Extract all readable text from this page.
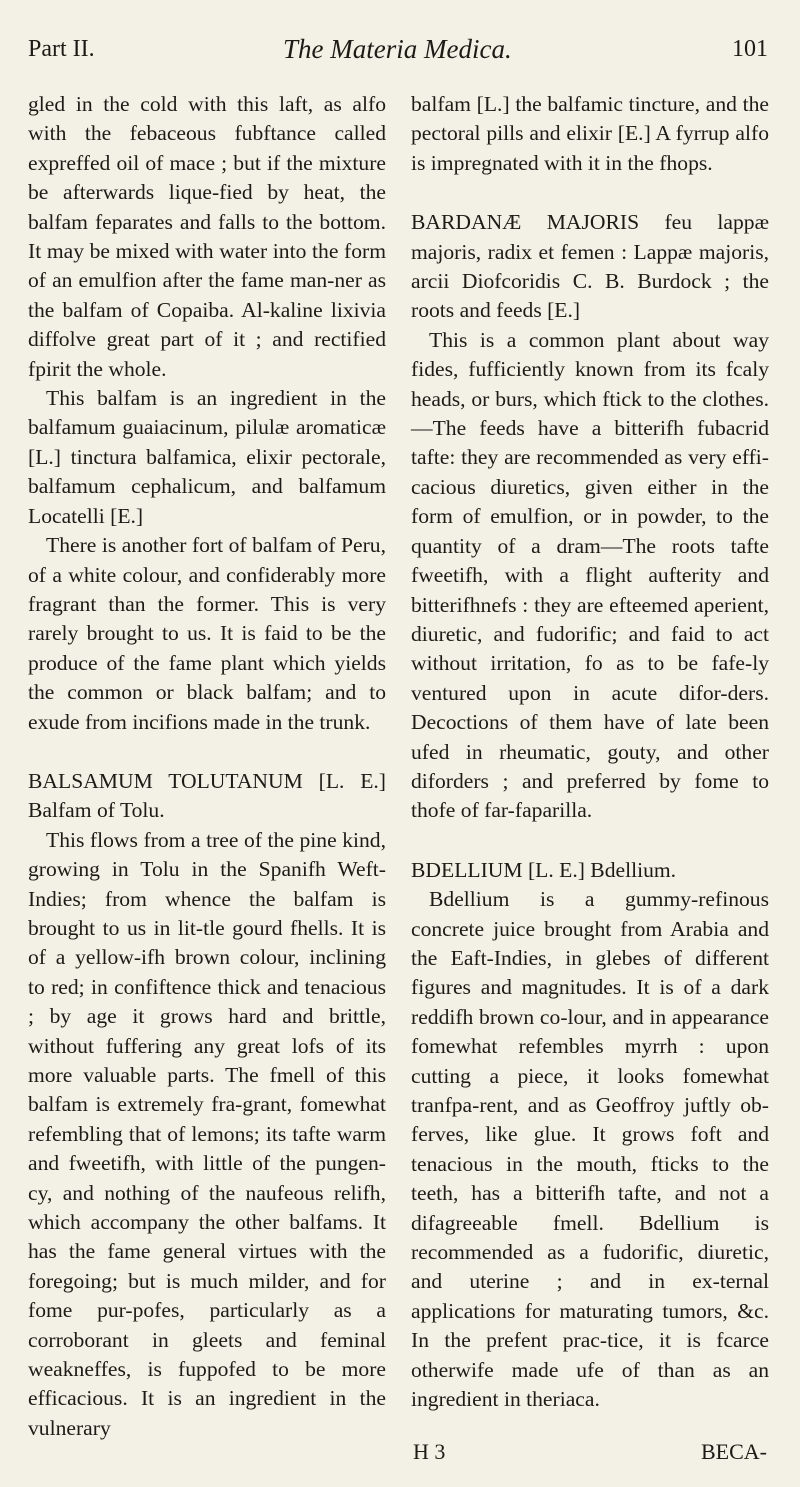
Part II.	The Materia Medica.	101

gled in the cold with this laft, as alfo with the febaceous fubftance called expreffed oil of mace ; but if the mixture be afterwards lique-fied by heat, the balfam feparates and falls to the bottom. It may be mixed with water into the form of an emulfion after the fame man-ner as the balfam of Copaiba. Al-kaline lixivia diffolve great part of it ; and rectified fpirit the whole.

This balfam is an ingredient in the balfamum guaiacinum, pilulæ aromaticæ [L.] tinctura balfamica, elixir pectorale, balfamum cephalicum, and balfamum Locatelli [E.]

There is another fort of balfam of Peru, of a white colour, and confiderably more fragrant than the former. This is very rarely brought to us. It is faid to be the produce of the fame plant which yields the common or black balfam; and to exude from incifions made in the trunk.

BALSAMUM TOLUTANUM [L. E.] Balfam of Tolu.

This flows from a tree of the pine kind, growing in Tolu in the Spanifh Weft-Indies; from whence the balfam is brought to us in lit-tle gourd fhells. It is of a yellow-ifh brown colour, inclining to red; in confiftence thick and tenacious ; by age it grows hard and brittle, without fuffering any great lofs of its more valuable parts. The fmell of this balfam is extremely fra-grant, fomewhat refembling that of lemons; its tafte warm and fweetifh, with little of the pungen-cy, and nothing of the naufeous relifh, which accompany the other balfams. It has the fame general virtues with the foregoing; but is much milder, and for fome pur-pofes, particularly as a corroborant in gleets and feminal weakneffes, is fuppofed to be more efficacious. It is an ingredient in the vulnerary

balfam [L.] the balfamic tincture, and the pectoral pills and elixir [E.] A fyrrup alfo is impregnated with it in the fhops.

BARDANÆ MAJORIS feu lappæ majoris, radix et femen : Lappæ majoris, arcii Diofcoridis C. B. Burdock ; the roots and feeds [E.]

This is a common plant about way fides, fufficiently known from its fcaly heads, or burs, which ftick to the clothes.—The feeds have a bitterifh fubacrid tafte: they are recommended as very effi-cacious diuretics, given either in the form of emulfion, or in powder, to the quantity of a dram—The roots tafte fweetifh, with a flight aufterity and bitterifhnefs : they are efteemed aperient, diuretic, and fudorific; and faid to act without irritation, fo as to be fafe-ly ventured upon in acute difor-ders. Decoctions of them have of late been ufed in rheumatic, gouty, and other diforders ; and preferred by fome to thofe of far-faparilla.

BDELLIUM [L. E.] Bdellium.

Bdellium is a gummy-refinous concrete juice brought from Arabia and the Eaft-Indies, in glebes of different figures and magnitudes. It is of a dark reddifh brown co-lour, and in appearance fomewhat refembles myrrh : upon cutting a piece, it looks fomewhat tranfpa-rent, and as Geoffroy juftly ob-ferves, like glue. It grows foft and tenacious in the mouth, fticks to the teeth, has a bitterifh tafte, and not a difagreeable fmell. Bdellium is recommended as a fudorific, diuretic, and uterine ; and in ex-ternal applications for maturating tumors, &c. In the prefent prac-tice, it is fcarce otherwife made ufe of than as an ingredient in theriaca.

H 3	BECA-
